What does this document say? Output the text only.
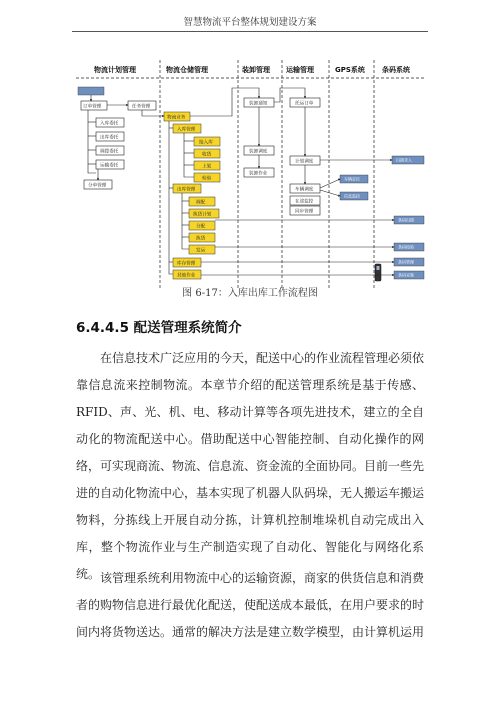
智慧物流平台整体规划建设方案
物流计划管理	物流仓储管理	装卸管理 运输管理	GPS系统 条码系统
订单管理	任务管理
入库委托
出库委托
调拨委托
运输委托
分单管理
物流业务
入库管理
接入库
收货
上架
检验
出库管理
调配
拣货计划
分配
拣货
发运
库存管理
其他作业
装卸通知
装卸调度
装卸作业
托运订单
计划调度
车辆调度
在途监控
同步管理
车辆定位
信息监控
扫描录入
条码扫描
条码校验
条码管理
条码采集
图 6-17：入库出库工作流程图
6.4.4.5 配送管理系统简介
在信息技术广泛应用的今天，配送中心的作业流程管理必须依靠信息流来控制物流。本章节介绍的配送管理系统是基于传感、RFID、声、光、机、电、移动计算等各项先进技术，建立的全自动化的物流配送中心。借助配送中心智能控制、自动化操作的网络，可实现商流、物流、信息流、资金流的全面协同。目前一些先进的自动化物流中心，基本实现了机器人队码垛，无人搬运车搬运物料，分拣线上开展自动分拣，计算机控制堆垛机自动完成出入库，整个物流作业与生产制造实现了自动化、智能化与网络化系统。 该管理系统利用物流中心的运输资源，商家的供货信息和消费者的购物信息进行最优化配送，使配送成本最低，在用户要求的时间内将货物送达。通常的解决方法是建立数学模型，由计算机运用
